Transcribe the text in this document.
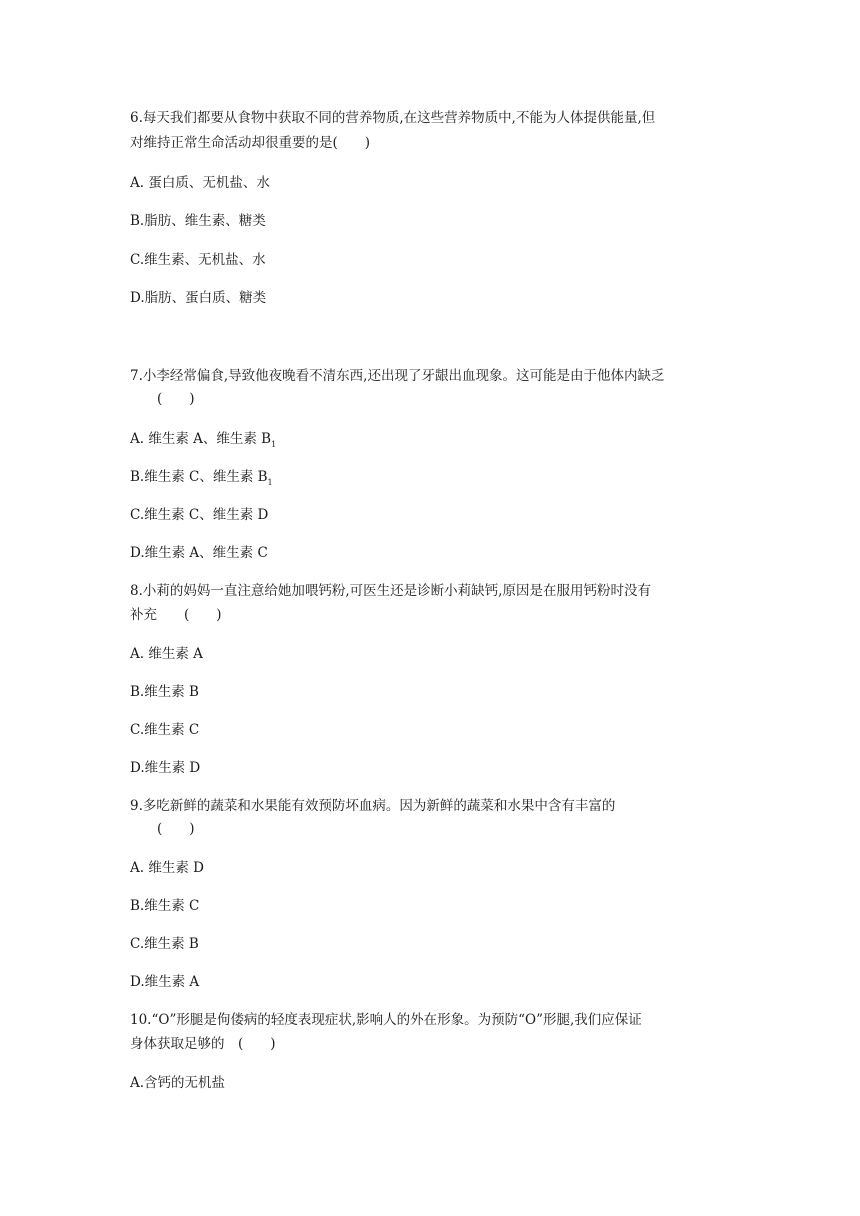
6.每天我们都要从食物中获取不同的营养物质,在这些营养物质中,不能为人体提供能量,但
对维持正常生命活动却很重要的是(　　)
A. 蛋白质、无机盐、水
B.脂肪、维生素、糖类
C.维生素、无机盐、水
D.脂肪、蛋白质、糖类
7.小李经常偏食,导致他夜晚看不清东西,还出现了牙龈出血现象。这可能是由于他体内缺乏
　　(　　)
A. 维生素 A、维生素 $B_1$
B.维生素 C、维生素 $B_1$
C.维生素 C、维生素 D
D.维生素 A、维生素 C
8.小莉的妈妈一直注意给她加喂钙粉,可医生还是诊断小莉缺钙,原因是在服用钙粉时没有
补充　　(　　)
A. 维生素 A
B.维生素 B
C.维生素 C
D.维生素 D
9.多吃新鲜的蔬菜和水果能有效预防坏血病。因为新鲜的蔬菜和水果中含有丰富的
　　(　　)
A. 维生素 D
B.维生素 C
C.维生素 B
D.维生素 A
10.“O”形腿是佝偻病的轻度表现症状,影响人的外在形象。为预防“O”形腿,我们应保证
身体获取足够的　(　　)
A.含钙的无机盐
